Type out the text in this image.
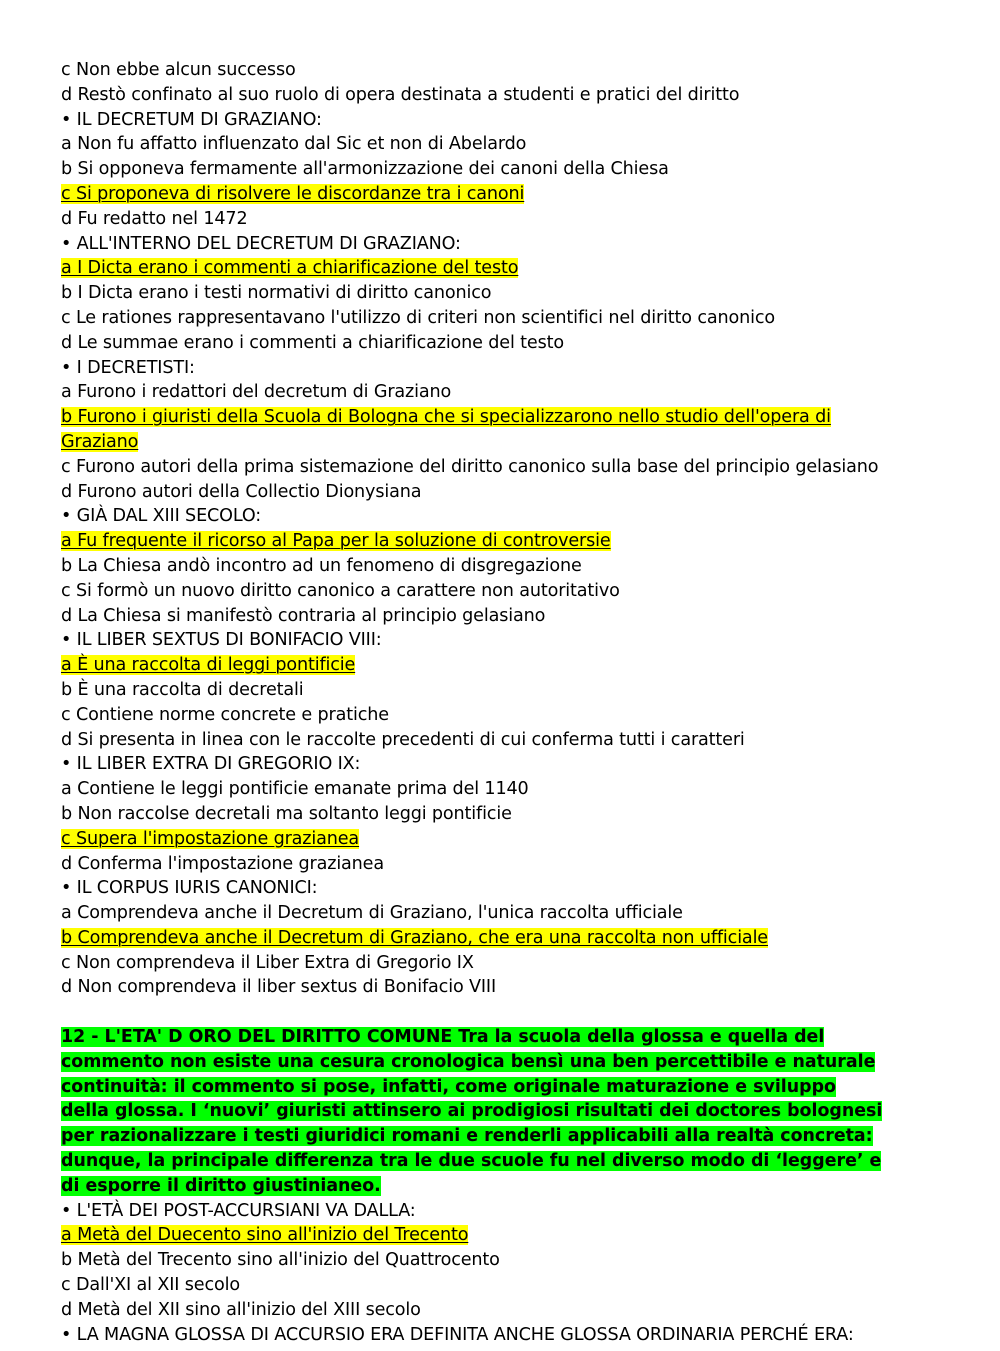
c Non ebbe alcun successo
d Restò confinato al suo ruolo di opera destinata a studenti e pratici del diritto
• IL DECRETUM DI GRAZIANO:
a Non fu affatto influenzato dal Sic et non di Abelardo
b Si opponeva fermamente all'armonizzazione dei canoni della Chiesa
c Si proponeva di risolvere le discordanze tra i canoni
d Fu redatto nel 1472
• ALL'INTERNO DEL DECRETUM DI GRAZIANO:
a I Dicta erano i commenti a chiarificazione del testo
b I Dicta erano i testi normativi di diritto canonico
c Le rationes rappresentavano l'utilizzo di criteri non scientifici nel diritto canonico
d Le summae erano i commenti a chiarificazione del testo
• I DECRETISTI:
a Furono i redattori del decretum di Graziano
b Furono i giuristi della Scuola di Bologna che si specializzarono nello studio dell'opera di
Graziano
c Furono autori della prima sistemazione del diritto canonico sulla base del principio gelasiano
d Furono autori della Collectio Dionysiana
• GIÀ DAL XIII SECOLO:
a Fu frequente il ricorso al Papa per la soluzione di controversie
b La Chiesa andò incontro ad un fenomeno di disgregazione
c Si formò un nuovo diritto canonico a carattere non autoritativo
d La Chiesa si manifestò contraria al principio gelasiano
• IL LIBER SEXTUS DI BONIFACIO VIII:
a È una raccolta di leggi pontificie
b È una raccolta di decretali
c Contiene norme concrete e pratiche
d Si presenta in linea con le raccolte precedenti di cui conferma tutti i caratteri
• IL LIBER EXTRA DI GREGORIO IX:
a Contiene le leggi pontificie emanate prima del 1140
b Non raccolse decretali ma soltanto leggi pontificie
c Supera l'impostazione grazianea
d Conferma l'impostazione grazianea
• IL CORPUS IURIS CANONICI:
a Comprendeva anche il Decretum di Graziano, l'unica raccolta ufficiale
b Comprendeva anche il Decretum di Graziano, che era una raccolta non ufficiale
c Non comprendeva il Liber Extra di Gregorio IX
d Non comprendeva il liber sextus di Bonifacio VIII
12 - L'ETA' D ORO DEL DIRITTO COMUNE Tra la scuola della glossa e quella del
commento non esiste una cesura cronologica bensì una ben percettibile e naturale
continuità: il commento si pose, infatti, come originale maturazione e sviluppo
della glossa. I ‘nuovi’ giuristi attinsero ai prodigiosi risultati dei doctores bolognesi
per razionalizzare i testi giuridici romani e renderli applicabili alla realtà concreta:
dunque, la principale differenza tra le due scuole fu nel diverso modo di ‘leggere’ e
di esporre il diritto giustinianeo.
• L'ETÀ DEI POST-ACCURSIANI VA DALLA:
a Metà del Duecento sino all'inizio del Trecento
b Metà del Trecento sino all'inizio del Quattrocento
c Dall'XI al XII secolo
d Metà del XII sino all'inizio del XIII secolo
• LA MAGNA GLOSSA DI ACCURSIO ERA DEFINITA ANCHE GLOSSA ORDINARIA PERCHÉ ERA:
